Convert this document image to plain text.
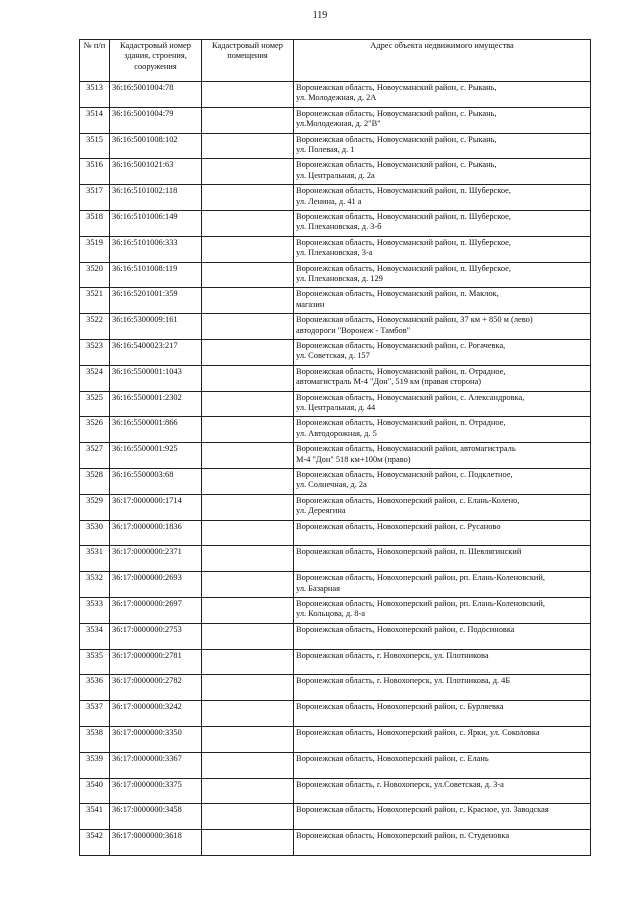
119
№ п/п	Кадастровый номер здания, строения, сооружения	Кадастровый номер помещения	Адрес объекта недвижимого имущества
3513	36:16:5001004:78		Воронежская область, Новоусманский район, с. Рыкань,
ул. Молодежная, д. 2А

3514	36:16:5001004:79		Воронежская область, Новоусманский район, с. Рыкань,
ул.Молодежная, д. 2"В"

3515	36:16:5001008:102		Воронежская область, Новоусманский район, с. Рыкань,
ул. Полевая, д. 1

3516	36:16:5001021:63		Воронежская область, Новоусманский район, с. Рыкань,
ул. Центральная, д. 2а

3517	36:16:5101002:118		Воронежская область, Новоусманский район, п. Шуберское,
ул. Ленина, д. 41 а

3518	36:16:5101006:149		Воронежская область, Новоусманский район, п. Шуберское,
ул. Плехановская, д. 3-б

3519	36:16:5101006:333		Воронежская область, Новоусманский район, п. Шуберское,
ул. Плехановская, 3-а

3520	36:16:5101008:119		Воронежская область, Новоусманский район, п. Шуберское,
ул. Плехановская, д. 129

3521	36:16:5201001:359		Воронежская область, Новоусманский район, п. Маклок,
магазин

3522	36:16:5300009:161		Воронежская область, Новоусманский район, 37 км + 850 м (лево)
автодороги "Воронеж - Тамбов"

3523	36:16:5400023:217		Воронежская область, Новоусманский район, с. Рогачевка,
ул. Советская, д. 157

3524	36:16:5500001:1043		Воронежская область, Новоусманский район, п. Отрадное,
автомагистраль М-4 "Дон", 519 км (правая сторона)

3525	36:16:5500001:2302		Воронежская область, Новоусманский район, с. Александровка,
ул. Центральная, д. 44

3526	36:16:5500001:866		Воронежская область, Новоусманский район, п. Отрадное,
ул. Автодорожная, д. 5

3527	36:16:5500001:925		Воронежская область, Новоусманский район, автомагистраль
М-4 "Дон" 518 км+100м (право)

3528	36:16:5500003:68		Воронежская область, Новоусманский район, с. Подклетное,
ул. Солнечная, д. 2а

3529	36:17:0000000:1714		Воронежская область, Новохоперский район, с. Елань-Колено,
ул. Дереягина

3530	36:17:0000000:1836		Воронежская область, Новохоперский район, с. Русаново

3531	36:17:0000000:2371		Воронежская область, Новохоперский район, п. Шевлягинский

3532	36:17:0000000:2693		Воронежская область, Новохоперский район, рп. Елань-Коленовский,
ул. Базарная

3533	36:17:0000000:2697		Воронежская область, Новохоперский район, рп. Елань-Коленовский,
ул. Кольцова, д. 8-а

3534	36:17:0000000:2753		Воронежская область, Новохоперский район, с. Подосиновка

3535	36:17:0000000:2781		Воронежская область, г. Новохоперск, ул. Плотникова

3536	36:17:0000000:2782		Воронежская область, г. Новохоперск, ул. Плотникова, д. 4Б

3537	36:17:0000000:3242		Воронежская область, Новохоперский район, с. Бурляевка

3538	36:17:0000000:3350		Воронежская область, Новохоперский район, с. Ярки, ул. Соколовка

3539	36:17:0000000:3367		Воронежская область, Новохоперский район, с. Елань

3540	36:17:0000000:3375		Воронежская область, г. Новохоперск, ул.Советская, д. 3-а

3541	36:17:0000000:3458		Воронежская область, Новохоперский район, с. Красное, ул. Заводская

3542	36:17:0000000:3618		Воронежская область, Новохоперский район, п. Студеновка
